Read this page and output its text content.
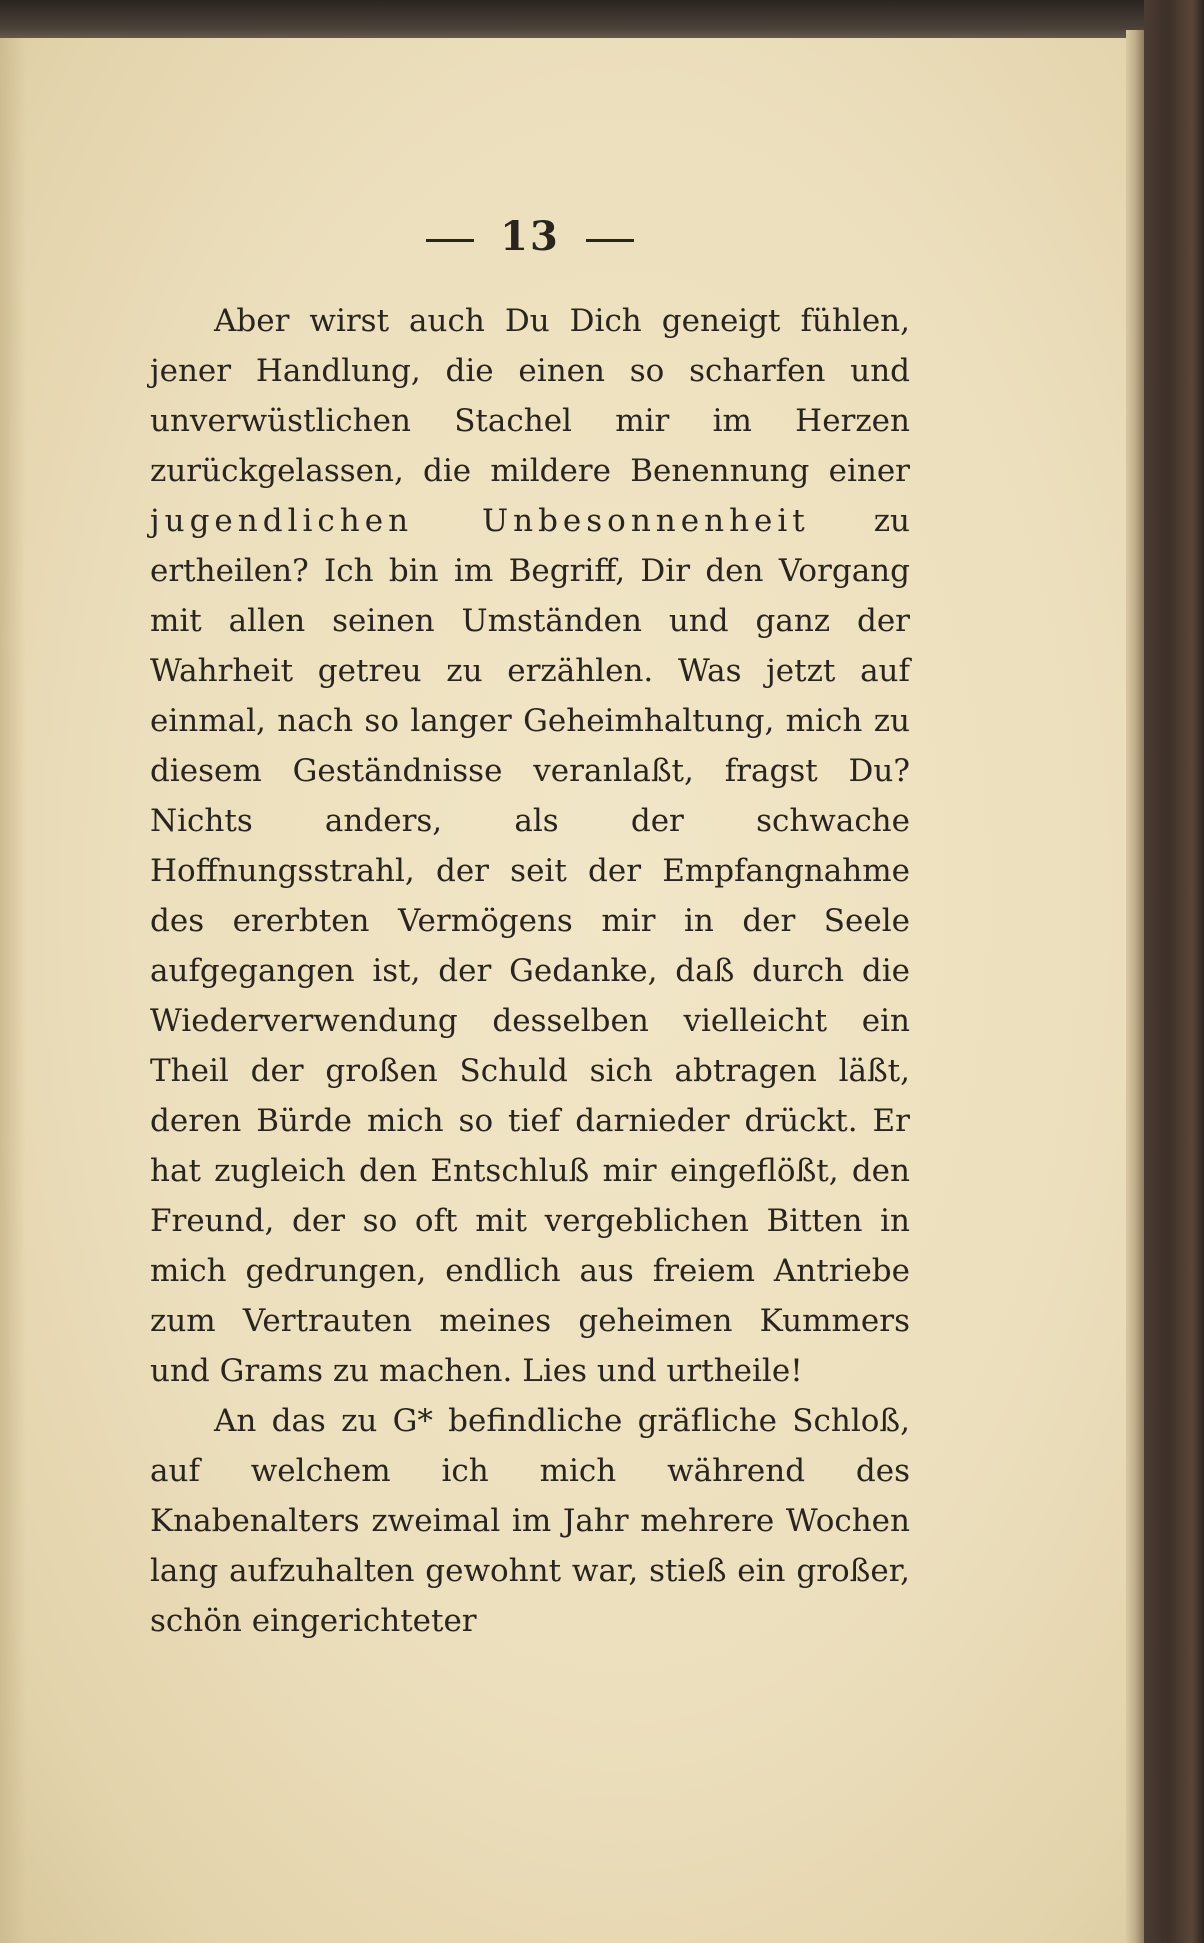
13

Aber wirst auch Du Dich geneigt fühlen, jener Handlung, die einen so scharfen und unverwüstlichen Stachel mir im Herzen zurückgelassen, die mildere Benennung einer jugendlichen Unbesonnenheit zu ertheilen? Ich bin im Begriff, Dir den Vorgang mit allen seinen Umständen und ganz der Wahrheit getreu zu erzählen. Was jetzt auf einmal, nach so langer Geheimhaltung, mich zu diesem Geständnisse veranlaßt, fragst Du? Nichts anders, als der schwache Hoffnungsstrahl, der seit der Empfangnahme des ererbten Vermögens mir in der Seele aufgegangen ist, der Gedanke, daß durch die Wiederverwendung desselben vielleicht ein Theil der großen Schuld sich abtragen läßt, deren Bürde mich so tief darnieder drückt. Er hat zugleich den Entschluß mir eingeflößt, den Freund, der so oft mit vergeblichen Bitten in mich gedrungen, endlich aus freiem Antriebe zum Vertrauten meines geheimen Kummers und Grams zu machen. Lies und urtheile!

An das zu G* befindliche gräfliche Schloß, auf welchem ich mich während des Knabenalters zweimal im Jahr mehrere Wochen lang aufzuhalten gewohnt war, stieß ein großer, schön eingerichteter
